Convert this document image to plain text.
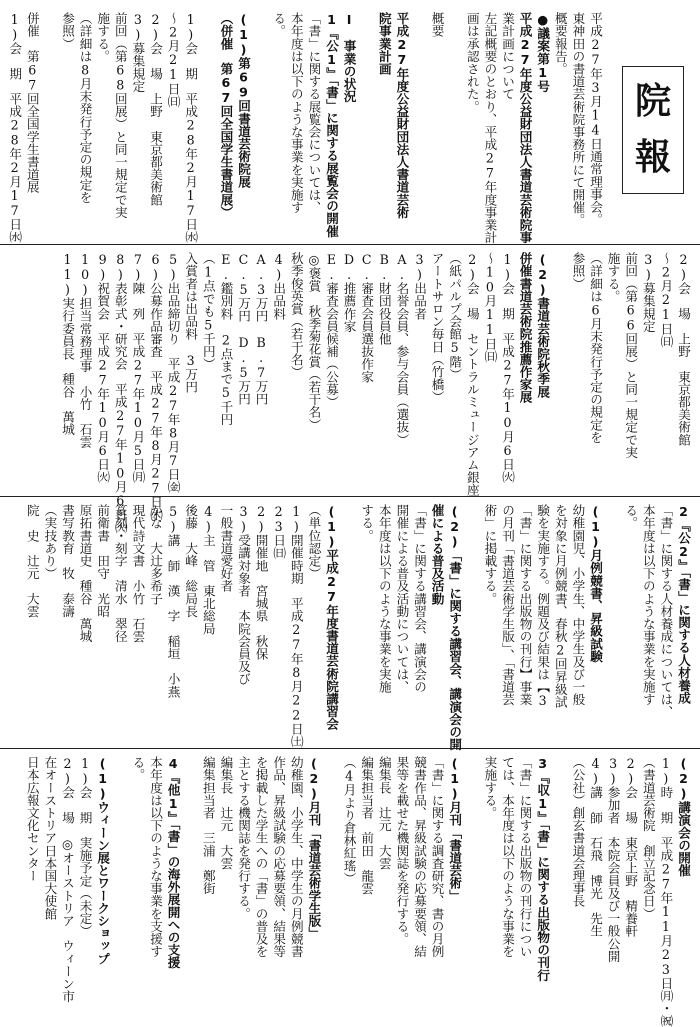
院
報
平成27年3月14日通常理事会。
東神田の書道芸術院事務所にて開催。
概要報告。
●議案第1号
平成27年度公益財団法人書道芸術院事
業計画について
左記概要のとおり、平成27年度事業計
画は承認された。
概要
平成27年度公益財団法人書道芸術
院事業計画
Ⅰ　事業の状況
1『公1』「書」に関する展覧会の開催
「書」に関する展覧会については、
本年度は以下のような事業を実施す
る。
(1)第69回書道芸術院展
（併催　第67回全国学生書道展）
1)会　期　平成28年2月17日㈬
～2月21日㈰
2)会　場　上野　東京都美術館
3)募集規定
前回（第68回展）と同一規定で実
施する。
（詳細は8月末発行予定の規定を
参照）
併催　第67回全国学生書道展
1)会　期　平成28年2月17日㈬
2)会　場　上野　東京都美術館
～2月21日㈰
3)募集規定
前回（第66回展）と同一規定で実
施する。
（詳細は6月末発行予定の規定を
参照）
(2)書道芸術院秋季展
併催書道芸術院推薦作家展
1)会　期　平成27年10月6日㈫
～10月11日㈰
2)会　場　セントラルミュージアム銀座
（紙パルプ会館5階）
アートサロン毎日（竹橋）
3)出品者
A.名誉会員、参与会員（選抜）
B.財団役員他
C.審査会員選抜作家
D.推薦作家
E.審査会員候補（公募）
◎褒賞　秋季菊花賞（若干名）
秋季俊英賞（若干名）
4)出品料
A.3万円　B.7万円
C.5万円　D.5万円
E.鑑別料　2点まで5千円
（1点でも5千円）
入賞者は出品料　3万円
5)出品締切り　平成27年8月7日㈮
6)公募作品審査　平成27年8月27日㈭
7)陳　列　平成27年10月5日㈪
8)表彰式・研究会　平成27年10月6日㈫
9)祝賀会　平成27年10月6日㈫
10)担当常務理事　小竹　石雲
11)実行委員長　種谷　萬城
2『公2』「書」に関する人材養成
「書」に関する人材養成については、
本年度は以下のような事業を実施す
る。
(1)月例競書、昇級試験
幼稚園児、小学生、中学生及び一般
を対象に月例競書、春秋2回昇級試
験を実施する。例題及び結果は【3
「書」に関する出版物の刊行】事業
の月刊「書道芸術学生版」、「書道芸
術」に掲載する。
(2)「書」に関する講習会、講演会の開
催による普及活動
「書」に関する講習会、講演会の
開催による普及活動については、
本年度は以下のような事業を実施
する。
(1)平成27年度書道芸術院講習会
（単位認定）
1)開催時期　平成27年8月22日㈯
23日㈰
2)開催地　宮城県　秋保
3)受講対象者　本院会員及び
一般書道愛好者
4)主　管　東北総局
後藤　大峰　総局長
5)講　師　漢　字　稲垣　小燕
かな　大辻多希子
現代詩文書　小竹　石雲
篆刻・刻字　清水　翠径
前衛書　田守　光昭
原拓書道史　種谷　萬城
書写教育　牧　泰濤
（実技あり）
院　史　辻元　大雲
(2)講演会の開催
1)時　期　平成27年11月23日㈪・㈷
（書道芸術院　創立記念日）
2)会　場　東京上野　精養軒
3)参加者　本院会員及び一般公開
4)講　師　石飛　博光　先生
（公社）創玄書道会理事長
3『収1』「書」に関する出版物の刊行
「書」に関する出版物の刊行につい
ては、本年度は以下のような事業を
実施する。
(1)月刊「書道芸術」
「書」に関する調査研究、書の月例
競書作品、昇級試験の応募要領、結
果等を載せた機関誌を発行する。
編集長　辻元　大雲
編集担当者　前田　龍雲
（4月より倉林紅瑤）
(2)月刊「書道芸術学生版」
幼稚園、小学生、中学生の月例競書
作品、昇級試験の応募要領、結果等
を掲載した学生への「書」の普及を
主とする機関誌を発行する。
編集長　辻元　大雲
編集担当者　三浦　鄭街
4『他1』「書」の海外展開への支援
本年度は以下のような事業を支援す
る。
(1)ウィーン展とワークショップ
1)会　期　実施予定（未定）
2)会　場　◎オーストリア　ウィーン市
在オーストリア日本国大使館
日本広報文化センター
